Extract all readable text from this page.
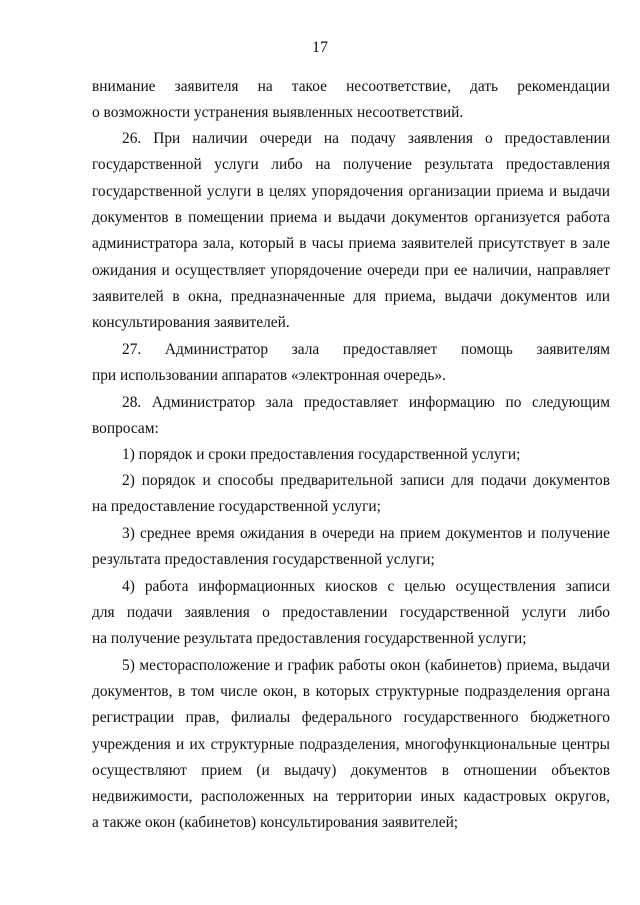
17
внимание заявителя на такое несоответствие, дать рекомендации
о возможности устранения выявленных несоответствий.
26. При наличии очереди на подачу заявления о предоставлении
государственной услуги либо на получение результата предоставления
государственной услуги в целях упорядочения организации приема и выдачи
документов в помещении приема и выдачи документов организуется работа
администратора зала, который в часы приема заявителей присутствует в зале
ожидания и осуществляет упорядочение очереди при ее наличии, направляет
заявителей в окна, предназначенные для приема, выдачи документов или
консультирования заявителей.
27. Администратор зала предоставляет помощь заявителям
при использовании аппаратов «электронная очередь».
28. Администратор зала предоставляет информацию по следующим
вопросам:
1) порядок и сроки предоставления государственной услуги;
2) порядок и способы предварительной записи для подачи документов
на предоставление государственной услуги;
3) среднее время ожидания в очереди на прием документов и получение
результата предоставления государственной услуги;
4) работа информационных киосков с целью осуществления записи
для подачи заявления о предоставлении государственной услуги либо
на получение результата предоставления государственной услуги;
5) месторасположение и график работы окон (кабинетов) приема, выдачи
документов, в том числе окон, в которых структурные подразделения органа
регистрации прав, филиалы федерального государственного бюджетного
учреждения и их структурные подразделения, многофункциональные центры
осуществляют прием (и выдачу) документов в отношении объектов
недвижимости, расположенных на территории иных кадастровых округов,
а также окон (кабинетов) консультирования заявителей;
